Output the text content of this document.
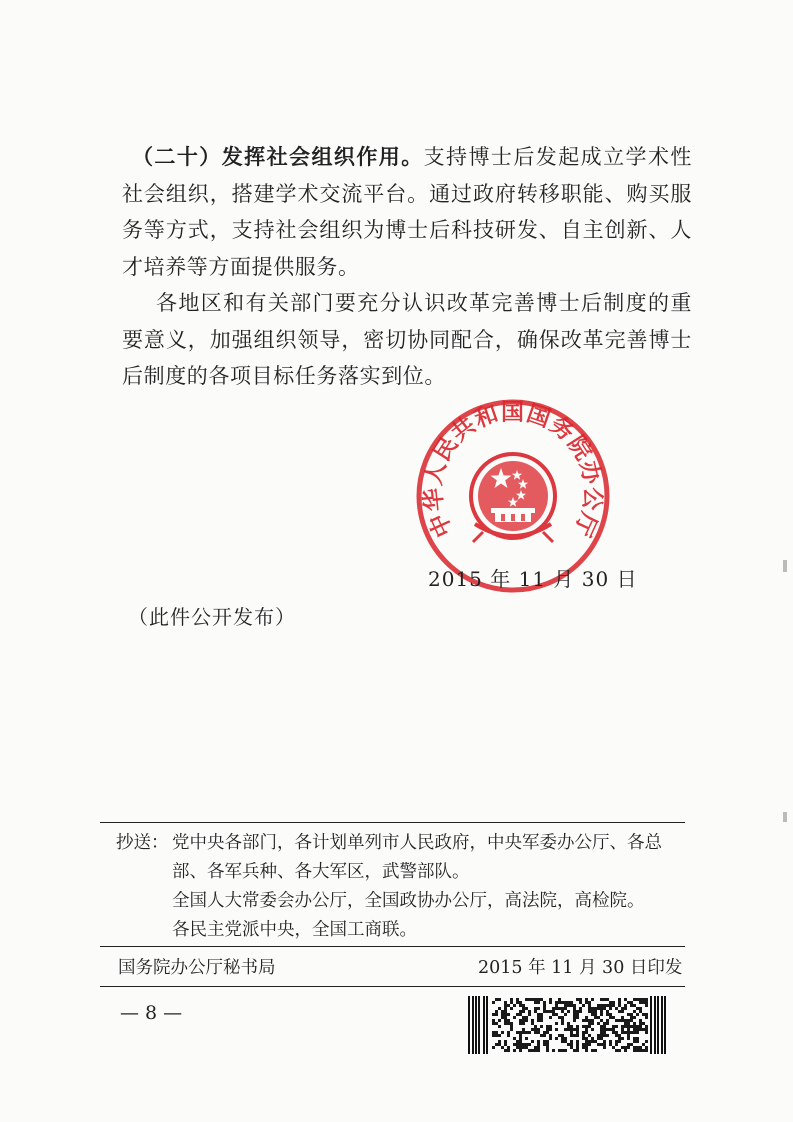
（二十）发挥社会组织作用。支持博士后发起成立学术性社会组织，搭建学术交流平台。通过政府转移职能、购买服务等方式，支持社会组织为博士后科技研发、自主创新、人才培养等方面提供服务。

各地区和有关部门要充分认识改革完善博士后制度的重要意义，加强组织领导，密切协同配合，确保改革完善博士后制度的各项目标任务落实到位。

中华人民共和国国务院办公厅
2015 年 11 月 30 日
（此件公开发布）
抄送： 党中央各部门，各计划单列市人民政府，中央军委办公厅、各总
部、各军兵种、各大军区，武警部队。
全国人大常委会办公厅，全国政协办公厅，高法院，高检院。
各民主党派中央，全国工商联。
国务院办公厅秘书局	2015 年 11 月 30 日印发
— 8 —
